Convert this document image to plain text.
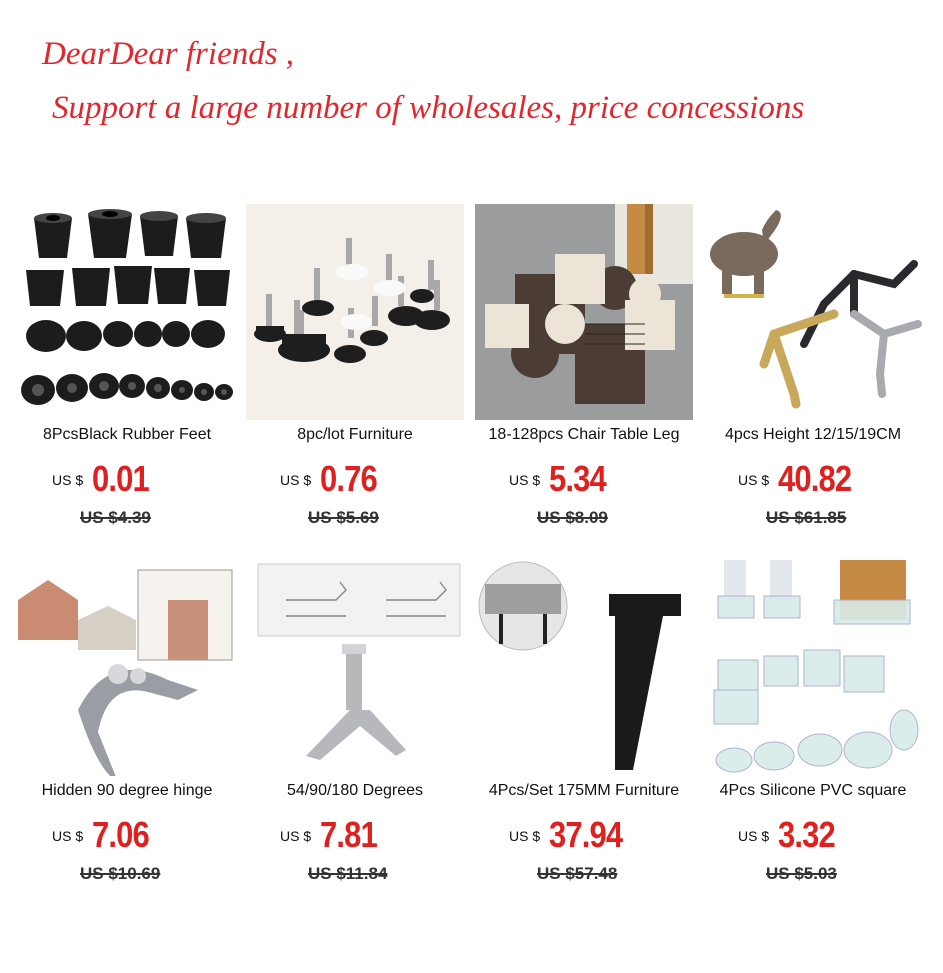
DearDear friends ,
Support a large number of wholesales, price concessions
8PcsBlack Rubber Feet
US $ 0.01
US $4.39
8pc/lot Furniture
US $ 0.76
US $5.69
18-128pcs Chair Table Leg
US $ 5.34
US $8.09
4pcs Height 12/15/19CM
US $ 40.82
US $61.85
Hidden 90 degree hinge
US $ 7.06
US $10.69
54/90/180 Degrees
US $ 7.81
US $11.84
4Pcs/Set 175MM Furniture
US $ 37.94
US $57.48
4Pcs Silicone PVC square
US $ 3.32
US $5.03
